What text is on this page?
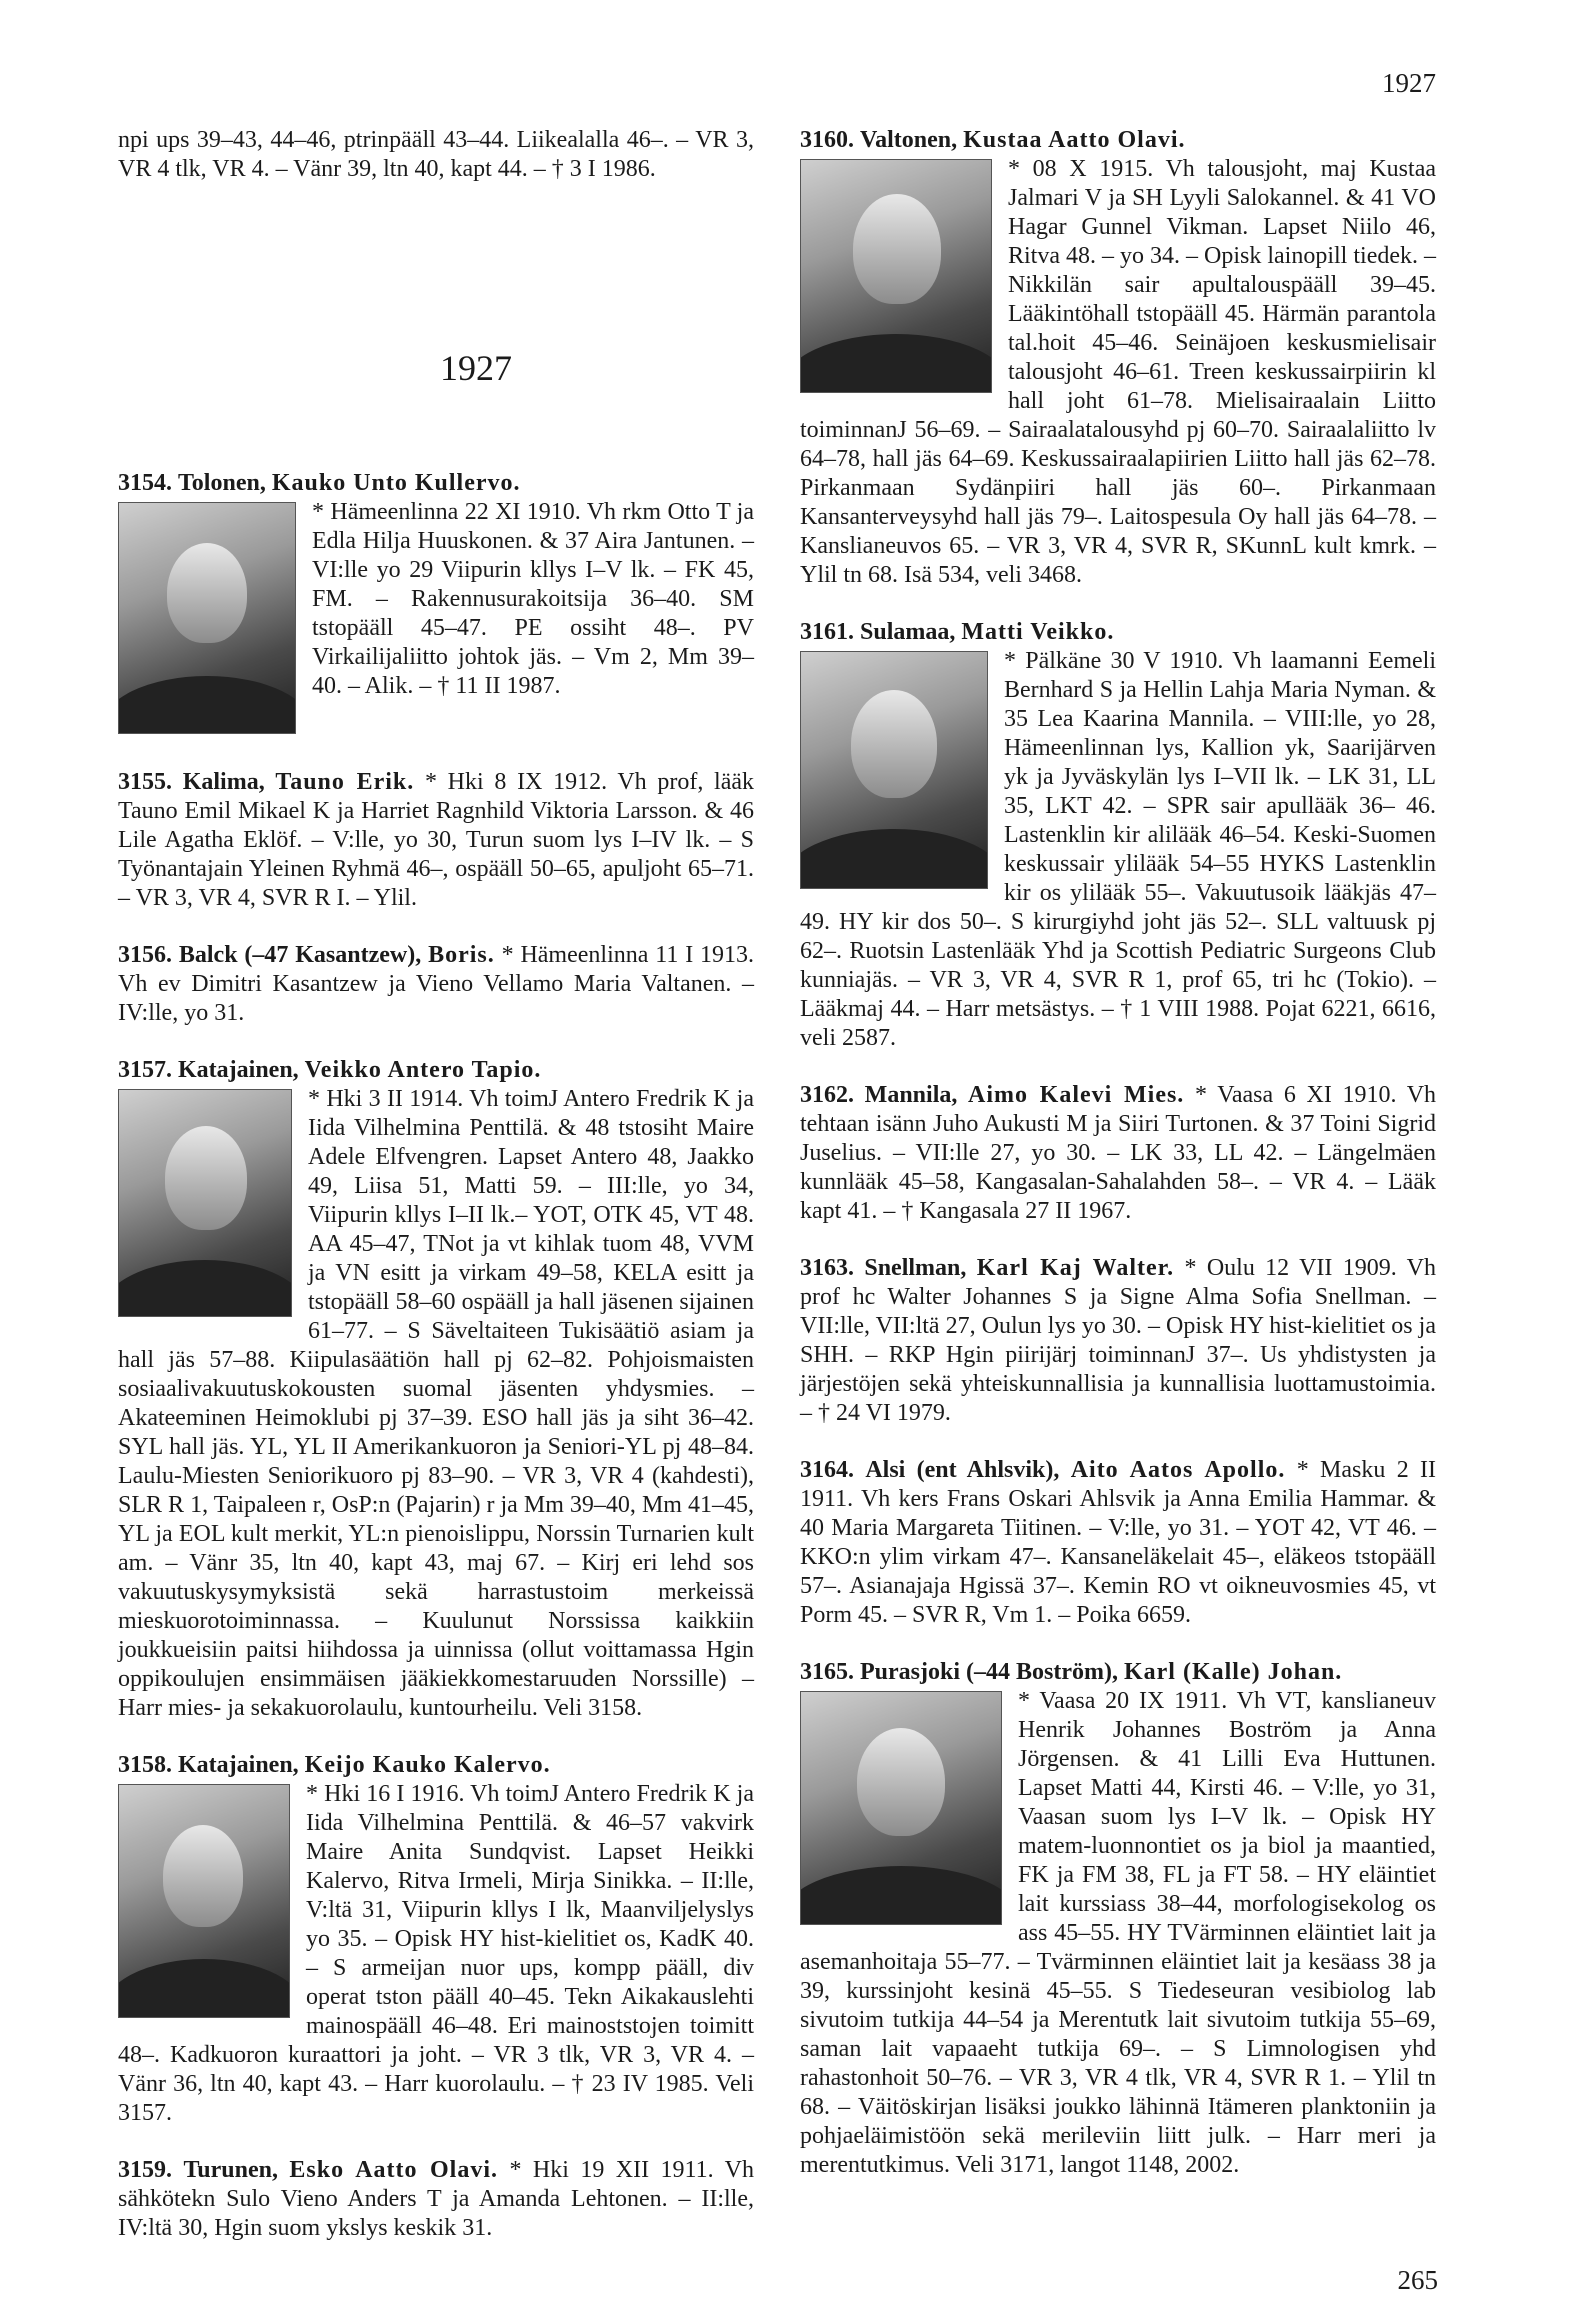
1927

npi ups 39–43, 44–46, ptrinpääll 43–44. Liikealalla 46–. – VR 3, VR 4 tlk, VR 4. – Vänr 39, ltn 40, kapt 44. – † 3 I 1986.

1927

3154. Tolonen, Kauko Unto Kullervo.

* Hämeenlinna 22 XI 1910. Vh rkm Otto T ja Edla Hilja Huuskonen. & 37 Aira Jantunen. – VI:lle yo 29 Viipurin kllys I–V lk. – FK 45, FM. – Rakennusurakoitsija 36–40. SM tstopääll 45–47. PE ossiht 48–. PV Virkailijaliitto johtok jäs. – Vm 2, Mm 39–40. – Alik. – † 11 II 1987.

3155. Kalima, Tauno Erik. * Hki 8 IX 1912. Vh prof, lääk Tauno Emil Mikael K ja Harriet Ragnhild Viktoria Larsson. & 46 Lile Agatha Eklöf. – V:lle, yo 30, Turun suom lys I–IV lk. – S Työnantajain Yleinen Ryhmä 46–, ospääll 50–65, apuljoht 65–71. – VR 3, VR 4, SVR R I. – Ylil.

3156. Balck (–47 Kasantzew), Boris. * Hämeenlinna 11 I 1913. Vh ev Dimitri Kasantzew ja Vieno Vellamo Maria Valtanen. – IV:lle, yo 31.

3157. Katajainen, Veikko Antero Tapio.

* Hki 3 II 1914. Vh toimJ Antero Fredrik K ja Iida Vilhelmina Penttilä. & 48 tstosiht Maire Adele Elfvengren. Lapset Antero 48, Jaakko 49, Liisa 51, Matti 59. – III:lle, yo 34, Viipurin kllys I–II lk.– YOT, OTK 45, VT 48. AA 45–47, TNot ja vt kihlak tuom 48, VVM ja VN esitt ja virkam 49–58, KELA esitt ja tstopääll 58–60 ospääll ja hall jäsenen sijainen 61–77. – S Säveltaiteen Tukisäätiö asiam ja hall jäs 57–88. Kiipulasäätiön hall pj 62–82. Pohjoismaisten sosiaalivakuutuskokousten suomal jäsenten yhdysmies. – Akateeminen Heimoklubi pj 37–39. ESO hall jäs ja siht 36–42. SYL hall jäs. YL, YL II Amerikankuoron ja Seniori-YL pj 48–84. Laulu-Miesten Seniorikuoro pj 83–90. – VR 3, VR 4 (kahdesti), SLR R 1, Taipaleen r, OsP:n (Pajarin) r ja Mm 39–40, Mm 41–45, YL ja EOL kult merkit, YL:n pienoislippu, Norssin Turnarien kult am. – Vänr 35, ltn 40, kapt 43, maj 67. – Kirj eri lehd sos vakuutuskysymyksistä sekä harrastustoim merkeissä mieskuorotoiminnassa. – Kuulunut Norssissa kaikkiin joukkueisiin paitsi hiihdossa ja uinnissa (ollut voittamassa Hgin oppikoulujen ensimmäisen jääkiekkomestaruuden Norssille) – Harr mies- ja sekakuorolaulu, kuntourheilu. Veli 3158.

3158. Katajainen, Keijo Kauko Kalervo.

* Hki 16 I 1916. Vh toimJ Antero Fredrik K ja Iida Vilhelmina Penttilä. & 46–57 vakvirk Maire Anita Sundqvist. Lapset Heikki Kalervo, Ritva Irmeli, Mirja Sinikka. – II:lle, V:ltä 31, Viipurin kllys I lk, Maanviljelyslys yo 35. – Opisk HY hist-kielitiet os, KadK 40. – S armeijan nuor ups, kompp pääll, div operat tston pääll 40–45. Tekn Aikakauslehti mainospääll 46–48. Eri mainoststojen toimitt 48–. Kadkuoron kuraattori ja joht. – VR 3 tlk, VR 3, VR 4. – Vänr 36, ltn 40, kapt 43. – Harr kuorolaulu. – † 23 IV 1985. Veli 3157.

3159. Turunen, Esko Aatto Olavi. * Hki 19 XII 1911. Vh sähkötekn Sulo Vieno Anders T ja Amanda Lehtonen. – II:lle, IV:ltä 30, Hgin suom ykslys keskik 31.

3160. Valtonen, Kustaa Aatto Olavi.

* 08 X 1915. Vh talousjoht, maj Kustaa Jalmari V ja SH Lyyli Salokannel. & 41 VO Hagar Gunnel Vikman. Lapset Niilo 46, Ritva 48. – yo 34. – Opisk lainopill tiedek. – Nikkilän sair apultalouspääll 39–45. Lääkintöhall tstopääll 45. Härmän parantola tal.hoit 45–46. Seinäjoen keskusmielisair talousjoht 46–61. Treen keskussairpiirin kl hall joht 61–78. Mielisairaalain Liitto toiminnanJ 56–69. – Sairaalatalousyhd pj 60–70. Sairaalaliitto lv 64–78, hall jäs 64–69. Keskussairaalapiirien Liitto hall jäs 62–78. Pirkanmaan Sydänpiiri hall jäs 60–. Pirkanmaan Kansanterveysyhd hall jäs 79–. Laitospesula Oy hall jäs 64–78. – Kanslianeuvos 65. – VR 3, VR 4, SVR R, SKunnL kult kmrk. – Ylil tn 68. Isä 534, veli 3468.

3161. Sulamaa, Matti Veikko.

* Pälkäne 30 V 1910. Vh laamanni Eemeli Bernhard S ja Hellin Lahja Maria Nyman. & 35 Lea Kaarina Mannila. – VIII:lle, yo 28, Hämeenlinnan lys, Kallion yk, Saarijärven yk ja Jyväskylän lys I–VII lk. – LK 31, LL 35, LKT 42. – SPR sair apullääk 36– 46. Lastenklin kir alilääk 46–54. Keski-Suomen keskussair ylilääk 54–55 HYKS Lastenklin kir os ylilääk 55–. Vakuutusoik lääkjäs 47–49. HY kir dos 50–. S kirurgiyhd joht jäs 52–. SLL valtuusk pj 62–. Ruotsin Lastenlääk Yhd ja Scottish Pediatric Surgeons Club kunniajäs. – VR 3, VR 4, SVR R 1, prof 65, tri hc (Tokio). – Lääkmaj 44. – Harr metsästys. – † 1 VIII 1988. Pojat 6221, 6616, veli 2587.

3162. Mannila, Aimo Kalevi Mies. * Vaasa 6 XI 1910. Vh tehtaan isänn Juho Aukusti M ja Siiri Turtonen. & 37 Toini Sigrid Juselius. – VII:lle 27, yo 30. – LK 33, LL 42. – Längelmäen kunnlääk 45–58, Kangasalan-Sahalahden 58–. – VR 4. – Lääk kapt 41. – † Kangasala 27 II 1967.

3163. Snellman, Karl Kaj Walter. * Oulu 12 VII 1909. Vh prof hc Walter Johannes S ja Signe Alma Sofia Snellman. – VII:lle, VII:ltä 27, Oulun lys yo 30. – Opisk HY hist-kielitiet os ja SHH. – RKP Hgin piirijärj toiminnanJ 37–. Us yhdistysten ja järjestöjen sekä yhteiskunnallisia ja kunnallisia luottamustoimia. – † 24 VI 1979.

3164. Alsi (ent Ahlsvik), Aito Aatos Apollo. * Masku 2 II 1911. Vh kers Frans Oskari Ahlsvik ja Anna Emilia Hammar. & 40 Maria Margareta Tiitinen. – V:lle, yo 31. – YOT 42, VT 46. – KKO:n ylim virkam 47–. Kansaneläkelait 45–, eläkeos tstopääll 57–. Asianajaja Hgissä 37–. Kemin RO vt oikneuvosmies 45, vt Porm 45. – SVR R, Vm 1. – Poika 6659.

3165. Purasjoki (–44 Boström), Karl (Kalle) Johan.

* Vaasa 20 IX 1911. Vh VT, kanslianeuv Henrik Johannes Boström ja Anna Jörgensen. & 41 Lilli Eva Huttunen. Lapset Matti 44, Kirsti 46. – V:lle, yo 31, Vaasan suom lys I–V lk. – Opisk HY matem-luonnontiet os ja biol ja maantied, FK ja FM 38, FL ja FT 58. – HY eläintiet lait kurssiass 38–44, morfologisekolog os ass 45–55. HY TVärminnen eläintiet lait ja asemanhoitaja 55–77. – Tvärminnen eläintiet lait ja kesäass 38 ja 39, kurssinjoht kesinä 45–55. S Tiedeseuran vesibiolog lab sivutoim tutkija 44–54 ja Merentutk lait sivutoim tutkija 55–69, saman lait vapaaeht tutkija 69–. – S Limnologisen yhd rahastonhoit 50–76. – VR 3, VR 4 tlk, VR 4, SVR R 1. – Ylil tn 68. – Väitöskirjan lisäksi joukko lähinnä Itämeren planktoniin ja pohjaeläimistöön sekä merileviin liitt julk. – Harr meri ja merentutkimus. Veli 3171, langot 1148, 2002.

265
